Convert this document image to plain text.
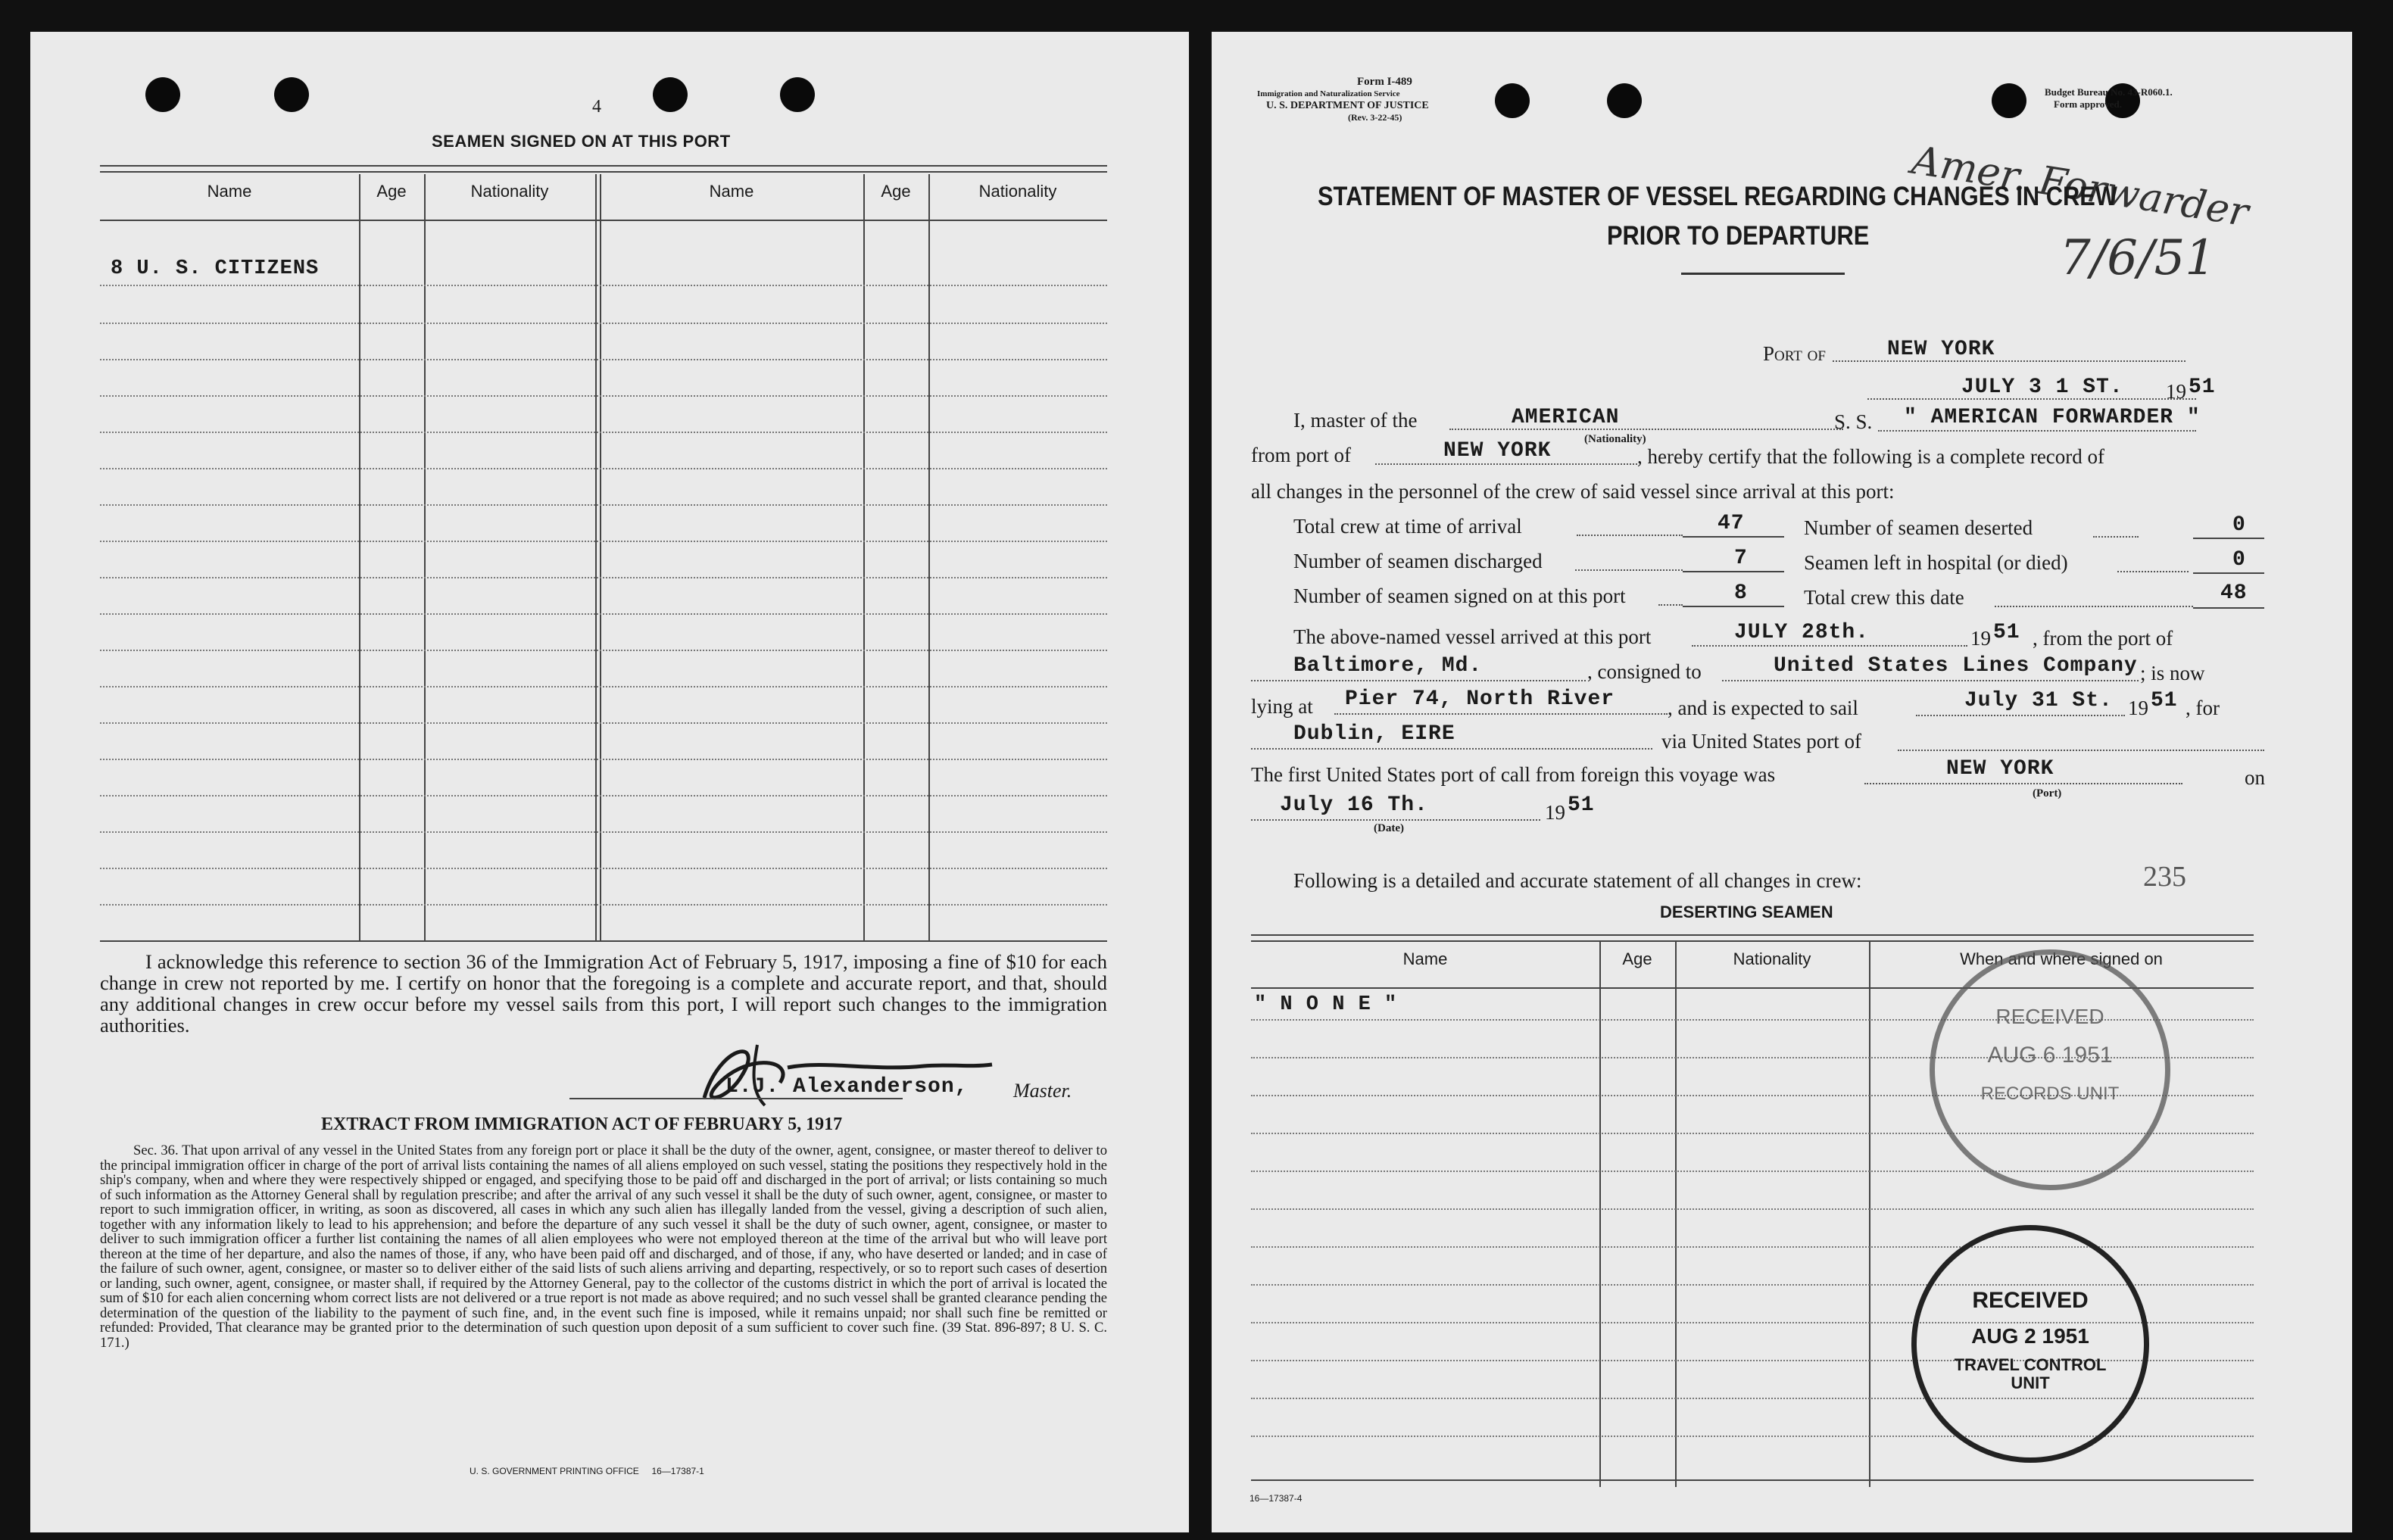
4
SEAMEN SIGNED ON AT THIS PORT
Name	Age	Nationality	Name	Age	Nationality
8 U. S. CITIZENS
I acknowledge this reference to section 36 of the Immigration Act of February 5, 1917, imposing a fine of $10 for each change in crew not reported by me. I certify on honor that the foregoing is a complete and accurate report, and that, should any additional changes in crew occur before my vessel sails from this port, I will report such changes to the immigration authorities.
L.J. Alexanderson, Master.
EXTRACT FROM IMMIGRATION ACT OF FEBRUARY 5, 1917
Sec. 36. That upon arrival of any vessel in the United States from any foreign port or place it shall be the duty of the owner, agent, consignee, or master thereof to deliver to the principal immigration officer in charge of the port of arrival lists containing the names of all aliens employed on such vessel, stating the positions they respectively hold in the ship's company, when and where they were respectively shipped or engaged, and specifying those to be paid off and discharged in the port of arrival; or lists containing so much of such information as the Attorney General shall by regulation prescribe; and after the arrival of any such vessel it shall be the duty of such owner, agent, consignee, or master to report to such immigration officer, in writing, as soon as discovered, all cases in which any such alien has illegally landed from the vessel, giving a description of such alien, together with any information likely to lead to his apprehension; and before the departure of any such vessel it shall be the duty of such owner, agent, consignee, or master to deliver to such immigration officer a further list containing the names of all alien employees who were not employed thereon at the time of the arrival but who will leave port thereon at the time of her departure, and also the names of those, if any, who have been paid off and discharged, and of those, if any, who have deserted or landed; and in case of the failure of such owner, agent, consignee, or master so to deliver either of the said lists of such aliens arriving and departing, respectively, or so to report such cases of desertion or landing, such owner, agent, consignee, or master shall, if required by the Attorney General, pay to the collector of the customs district in which the port of arrival is located the sum of $10 for each alien concerning whom correct lists are not delivered or a true report is not made as above required; and no such vessel shall be granted clearance pending the determination of the question of the liability to the payment of such fine, and, in the event such fine is imposed, while it remains unpaid; nor shall such fine be remitted or refunded: Provided, That clearance may be granted prior to the determination of such question upon deposit of a sum sufficient to cover such fine. (39 Stat. 896-897; 8 U. S. C. 171.)
U. S. GOVERNMENT PRINTING OFFICE     16—17387-1
Form I-489
Immigration and Naturalization Service
U. S. DEPARTMENT OF JUSTICE
(Rev. 3-22-45)
Budget Bureau No. 43-R060.1.
Form approved.
Amer. Forwarder
7/6/51
STATEMENT OF MASTER OF VESSEL REGARDING CHANGES IN CREW
PRIOR TO DEPARTURE
Port of	NEW YORK
JULY 3 1 ST. 19 51
I, master of the	AMERICAN
(Nationality)
S. S. " AMERICAN FORWARDER "
from port of	NEW YORK	, hereby certify that the following is a complete record of
all changes in the personnel of the crew of said vessel since arrival at this port:
Total crew at time of arrival	47	Number of seamen deserted	0
Number of seamen discharged	7	Seamen left in hospital (or died)	0
Number of seamen signed on at this port	8	Total crew this date	48
The above-named vessel arrived at this port	JULY 28th.	19 51 , from the port of
Baltimore, Md.	, consigned to	United States Lines Company ; is now
lying at Pier 74, North River	, and is expected to sail	July 31 St. 19 51 , for
Dublin, EIRE	via United States port of
The first United States port of call from foreign this voyage was	NEW YORK
(Port)
on
July 16 Th.
(Date)
19 51
Following is a detailed and accurate statement of all changes in crew:	235
DESERTING SEAMEN
Name	Age	Nationality	When and where signed on
" N O N E "	RECEIVED
AUG 6 1951
RECORDS UNIT
RECEIVED
AUG 2 1951
TRAVEL CONTROL UNIT
16—17387-4
